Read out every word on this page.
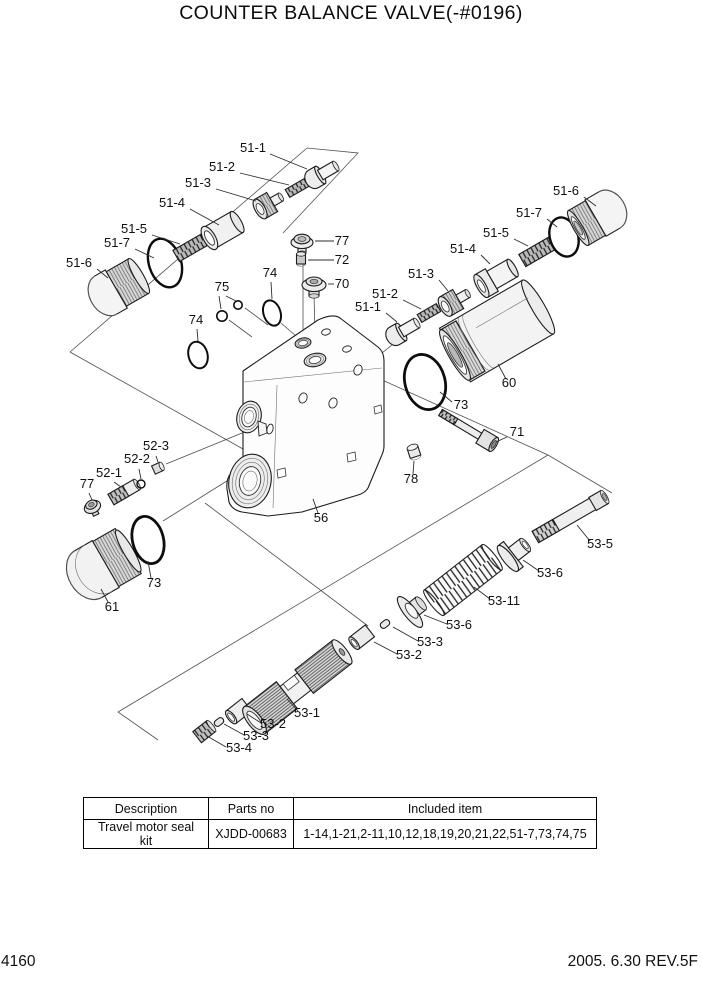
COUNTER BALANCE VALVE(-#0196)
51-1
51-2
51-3
51-4
51-5
51-7
51-6
77
72
70
74
75
74
51-6
51-7
51-5
51-4
51-3
51-2
51-1
60
73
71
78
52-3
52-2
52-1
77
56
73
61
53-5
53-6
53-11
53-6
53-3
53-2
53-1
53-2
53-3
53-4
Description	Parts no	Included item
Travel motor seal kit	XJDD-00683	1-14,1-21,2-11,10,12,18,19,20,21,22,51-7,73,74,75
4160	2005. 6.30 REV.5F
